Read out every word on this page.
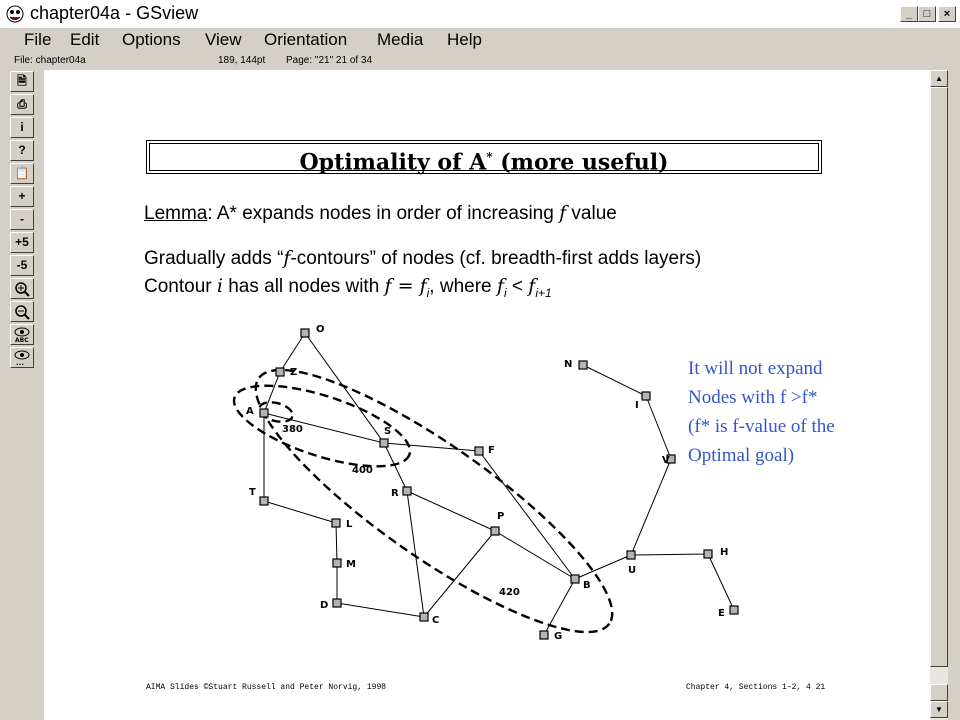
chapter04a - GSview	_	□	×
File Edit Options View Orientation Media Help
File: chapter04a	189, 144pt Page: "21" 21 of 34
🗎
⎙
i
?
📋
+
-
+5
-5
ABC
...
Optimality of A* (more useful)
Lemma: A* expands nodes in order of increasing f value
Gradually adds “f-contours” of nodes (cf. breadth-first adds layers)
Contour i has all nodes with $f = f_i$, where $f_i < f_{i+1}$
O
Z
A
S
F
R
T
L
P
M
D
C
B
G
N
I
V
U
H
E
380
400
420
It will not expand
Nodes with f >f*
(f* is f-value of the
Optimal goal)
AIMA Slides ©Stuart Russell and Peter Norvig, 1998	Chapter 4, Sections 1–2, 4 21
▲
▼
